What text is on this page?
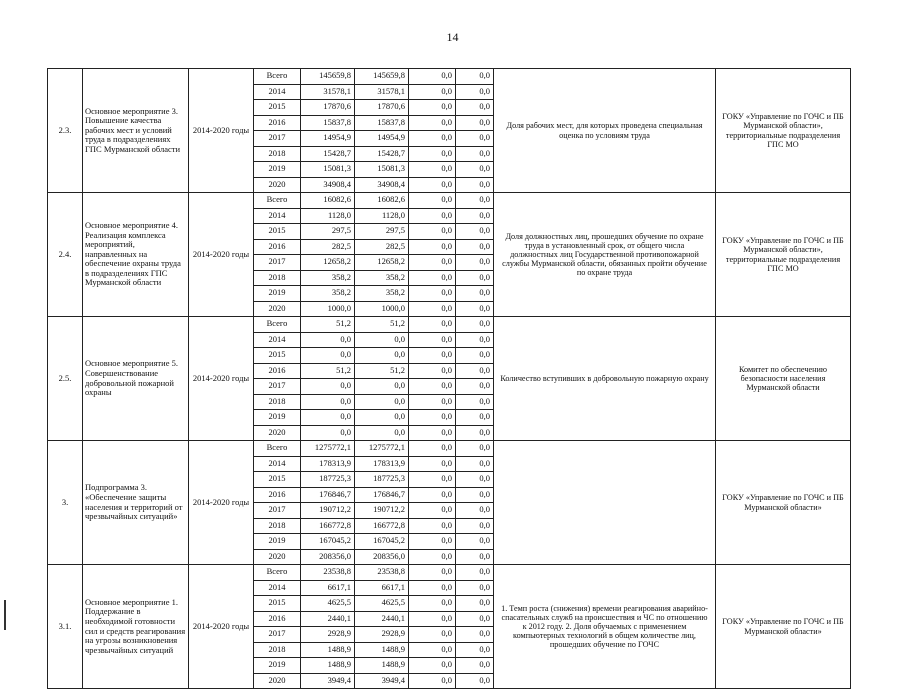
14
2.3.	Основное мероприятие 3. Повышение качества рабочих мест и условий труда в подразделениях ГПС Мурманской области	2014-2020 годы	Всего	145659,8	145659,8	0,0	0,0	Доля рабочих мест, для которых проведена специальная оценка по условиям труда	ГОКУ «Управление по ГОЧС и ПБ Мурманской области», территориальные подразделения ГПС МО
			2014	31578,1	31578,1	0,0	0,0		
			2015	17870,6	17870,6	0,0	0,0		
			2016	15837,8	15837,8	0,0	0,0		
			2017	14954,9	14954,9	0,0	0,0		
			2018	15428,7	15428,7	0,0	0,0		
			2019	15081,3	15081,3	0,0	0,0		
			2020	34908,4	34908,4	0,0	0,0		
2.4.	Основное мероприятие 4. Реализация комплекса мероприятий, направленных на обеспечение охраны труда в подразделениях ГПС Мурманской области	2014-2020 годы	Всего	16082,6	16082,6	0,0	0,0	Доля должностных лиц, прошедших обучение по охране труда в установленный срок, от общего числа должностных лиц Государственной противопожарной службы Мурманской области, обязанных пройти обучение по охране труда	ГОКУ «Управление по ГОЧС и ПБ Мурманской области», территориальные подразделения ГПС МО
			2014	1128,0	1128,0	0,0	0,0		
			2015	297,5	297,5	0,0	0,0		
			2016	282,5	282,5	0,0	0,0		
			2017	12658,2	12658,2	0,0	0,0		
			2018	358,2	358,2	0,0	0,0		
			2019	358,2	358,2	0,0	0,0		
			2020	1000,0	1000,0	0,0	0,0		
2.5.	Основное мероприятие 5. Совершенствование добровольной пожарной охраны	2014-2020 годы	Всего	51,2	51,2	0,0	0,0	Количество вступивших в добровольную пожарную охрану	Комитет по обеспечению безопасности населения Мурманской области
			2014	0,0	0,0	0,0	0,0		
			2015	0,0	0,0	0,0	0,0		
			2016	51,2	51,2	0,0	0,0		
			2017	0,0	0,0	0,0	0,0		
			2018	0,0	0,0	0,0	0,0		
			2019	0,0	0,0	0,0	0,0		
			2020	0,0	0,0	0,0	0,0		
3.	Подпрограмма 3. «Обеспечение защиты населения и территорий от чрезвычайных ситуаций»	2014-2020 годы	Всего	1275772,1	1275772,1	0,0	0,0		ГОКУ «Управление по ГОЧС и ПБ Мурманской области»
			2014	178313,9	178313,9	0,0	0,0		
			2015	187725,3	187725,3	0,0	0,0		
			2016	176846,7	176846,7	0,0	0,0		
			2017	190712,2	190712,2	0,0	0,0		
			2018	166772,8	166772,8	0,0	0,0		
			2019	167045,2	167045,2	0,0	0,0		
			2020	208356,0	208356,0	0,0	0,0		
3.1.	Основное мероприятие 1. Поддержание в необходимой готовности сил и средств реагирования на угрозы возникновения чрезвычайных ситуаций	2014-2020 годы	Всего	23538,8	23538,8	0,0	0,0	1. Темп роста (снижения) времени реагирования аварийно-спасательных служб на происшествия и ЧС по отношению к 2012 году. 2. Доля обучаемых с применением компьютерных технологий в общем количестве лиц, прошедших обучение по ГОЧС	ГОКУ «Управление по ГОЧС и ПБ Мурманской области»
			2014	6617,1	6617,1	0,0	0,0		
			2015	4625,5	4625,5	0,0	0,0		
			2016	2440,1	2440,1	0,0	0,0		
			2017	2928,9	2928,9	0,0	0,0		
			2018	1488,9	1488,9	0,0	0,0		
			2019	1488,9	1488,9	0,0	0,0		
			2020	3949,4	3949,4	0,0	0,0		
